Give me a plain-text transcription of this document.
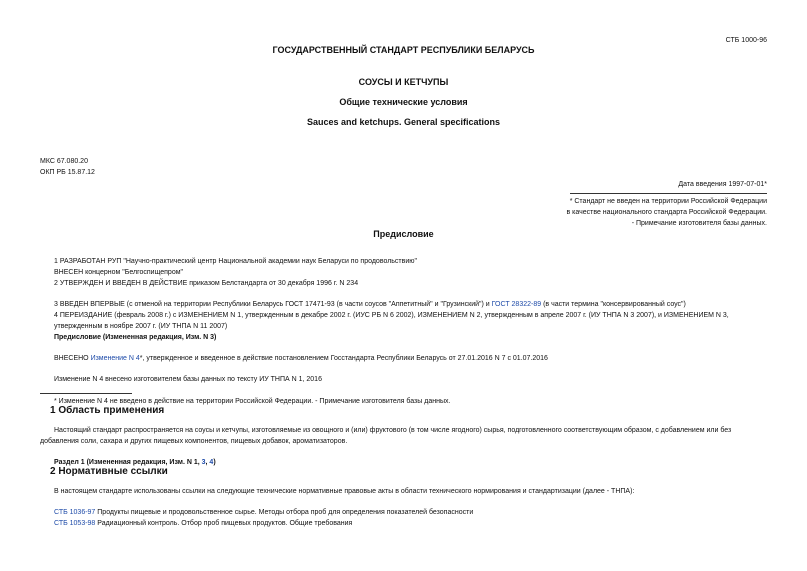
СТБ 1000-96
ГОСУДАРСТВЕННЫЙ СТАНДАРТ РЕСПУБЛИКИ БЕЛАРУСЬ
СОУСЫ И КЕТЧУПЫ
Общие технические условия
Sauces and ketchups. General specifications
МКС 67.080.20
ОКП РБ 15.87.12
Дата введения 1997-07-01*
* Стандарт не введен на территории Российской Федерации
в качестве национального стандарта Российской Федерации.
- Примечание изготовителя базы данных.
Предисловие
1 РАЗРАБОТАН РУП "Научно-практический центр Национальной академии наук Беларуси по продовольствию"
ВНЕСЕН концерном "Белгоспищепром"
2 УТВЕРЖДЕН И ВВЕДЕН В ДЕЙСТВИЕ приказом Белстандарта от 30 декабря 1996 г. N 234
3 ВВЕДЕН ВПЕРВЫЕ (с отменой на территории Республики Беларусь ГОСТ 17471-93 (в части соусов "Аппетитный" и "Грузинский") и ГОСТ 28322-89 (в части термина "консервированный соус")
4 ПЕРЕИЗДАНИЕ (февраль 2008 г.) с ИЗМЕНЕНИЕМ N 1, утвержденным в декабре 2002 г. (ИУС РБ N 6 2002), ИЗМЕНЕНИЕМ N 2, утвержденным в апреле 2007 г. (ИУ ТНПА N 3 2007), и ИЗМЕНЕНИЕМ N 3,
утвержденным в ноябре 2007 г. (ИУ ТНПА N 11 2007)
Предисловие (Измененная редакция, Изм. N 3)
ВНЕСЕНО Изменение N 4*, утвержденное и введенное в действие постановлением Госстандарта Республики Беларусь от 27.01.2016 N 7 с 01.07.2016
Изменение N 4 внесено изготовителем базы данных по тексту ИУ ТНПА N 1, 2016
* Изменение N 4 не введено в действие на территории Российской Федерации. - Примечание изготовителя базы данных.
1 Область применения
Настоящий стандарт распространяется на соусы и кетчупы, изготовляемые из овощного и (или) фруктового (в том числе ягодного) сырья, подготовленного соответствующим образом, с добавлением или без
добавления соли, сахара и других пищевых компонентов, пищевых добавок, ароматизаторов.
Раздел 1 (Измененная редакция, Изм. N 1, 3, 4)
2 Нормативные ссылки
В настоящем стандарте использованы ссылки на следующие технические нормативные правовые акты в области технического нормирования и стандартизации (далее - ТНПА):
СТБ 1036-97 Продукты пищевые и продовольственное сырье. Методы отбора проб для определения показателей безопасности
СТБ 1053-98 Радиационный контроль. Отбор проб пищевых продуктов. Общие требования
